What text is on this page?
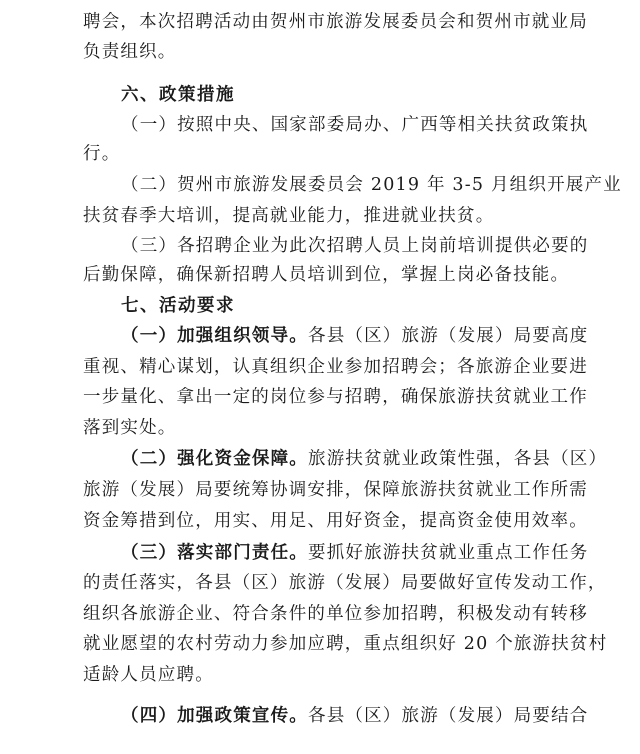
聘会，本次招聘活动由贺州市旅游发展委员会和贺州市就业局
负责组织。
六、政策措施
（一）按照中央、国家部委局办、广西等相关扶贫政策执
行。
（二）贺州市旅游发展委员会 2019 年 3-5 月组织开展产业
扶贫春季大培训，提高就业能力，推进就业扶贫。
（三）各招聘企业为此次招聘人员上岗前培训提供必要的
后勤保障，确保新招聘人员培训到位，掌握上岗必备技能。
七、活动要求
（一）加强组织领导。各县（区）旅游（发展）局要高度
重视、精心谋划，认真组织企业参加招聘会；各旅游企业要进
一步量化、拿出一定的岗位参与招聘，确保旅游扶贫就业工作
落到实处。
（二）强化资金保障。旅游扶贫就业政策性强，各县（区）
旅游（发展）局要统筹协调安排，保障旅游扶贫就业工作所需
资金筹措到位，用实、用足、用好资金，提高资金使用效率。
（三）落实部门责任。要抓好旅游扶贫就业重点工作任务
的责任落实，各县（区）旅游（发展）局要做好宣传发动工作，
组织各旅游企业、符合条件的单位参加招聘，积极发动有转移
就业愿望的农村劳动力参加应聘，重点组织好 20 个旅游扶贫村
适龄人员应聘。
（四）加强政策宣传。各县（区）旅游（发展）局要结合
